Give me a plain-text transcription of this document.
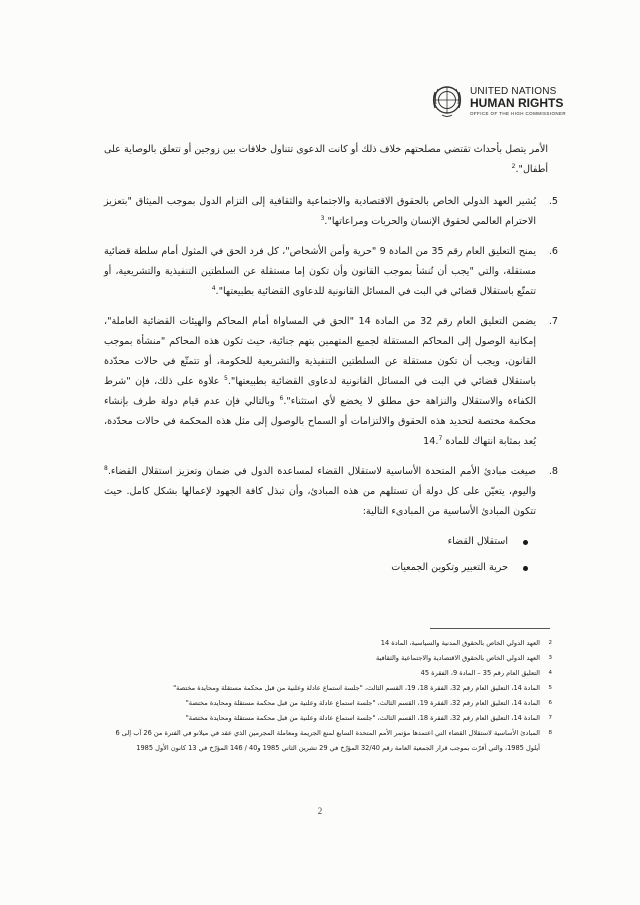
UNITED NATIONS
HUMAN RIGHTS
OFFICE OF THE HIGH COMMISSIONER

الأمر يتصل بأحداث تقتضي مصلحتهم خلاف ذلك أو كانت الدعوى تتناول خلافات بين زوجين أو تتعلق بالوصاية على أطفال".$^2$

5.
يُشير العهد الدولي الخاص بالحقوق الاقتصادية والاجتماعية والثقافية إلى التزام الدول بموجب الميثاق "بتعزيز الاحترام العالمي لحقوق الإنسان والحريات ومراعاتها".$^3$

6.
يمنح التعليق العام رقم 35 من المادة 9 "حرية وأمن الأشخاص"، كل فرد الحق في المثول أمام سلطة قضائية مستقلة، والتي "يجب أن تُنشأ بموجب القانون وأن تكون إما مستقلة عن السلطتين التنفيذية والتشريعية، أو تتمتّع باستقلال قضائي في البت في المسائل القانونية للدعاوى القضائية بطبيعتها".$^4$

7.
يضمن التعليق العام رقم 32 من المادة 14 "الحق في المساواة أمام المحاكم والهيئات القضائية العاملة"، إمكانية الوصول إلى المحاكم المستقلة لجميع المتهمين بتهم جنائية، حيث تكون هذه المحاكم "منشأة بموجب القانون، ويجب أن تكون مستقلة عن السلطتين التنفيذية والتشريعية للحكومة، أو تتمتّع في حالات محدّدة باستقلال قضائي في البت في المسائل القانونية لدعاوى القضائية بطبيعتها".$^5$ علاوة على ذلك، فإن "شرط الكفاءة والاستقلال والنزاهة حق مطلق لا يخضع لأي استثناء".$^6$ وبالتالي فإن عدم قيام دولة طرف بإنشاء محكمة مختصة لتحديد هذه الحقوق والالتزامات أو السماح بالوصول إلى مثل هذه المحكمة في حالات محدّدة، يُعد بمثابة انتهاك للمادة 14.$^7$

8.
صيغت مبادئ الأمم المتحدة الأساسية لاستقلال القضاء لمساعدة الدول في ضمان وتعزيز استقلال القضاء.$^8$ واليوم، يتعيّن على كل دولة أن تستلهم من هذه المبادئ، وأن تبذل كافة الجهود لإعمالها بشكل كامل. حيث تتكون المبادئ الأساسية من المبادىء التالية:

استقلال القضاء
حرية التعبير وتكوين الجمعيات
2
العهد الدولي الخاص بالحقوق المدنية والسياسية، المادة 14
3
العهد الدولي الخاص بالحقوق الاقتصادية والاجتماعية والثقافية
4
التعليق العام رقم 35 – المادة 9، الفقرة 45
5
المادة 14، التعليق العام رقم 32، الفقرة 18، 19، القسم الثالث، "جلسة استماع عادلة وعلنية من قبل محكمة مستقلة ومحايدة مختصة"
6
المادة 14، التعليق العام رقم 32، الفقرة 19، القسم الثالث، "جلسة استماع عادلة وعلنية من قبل محكمة مستقلة ومحايدة مختصة"
7
المادة 14، التعليق العام رقم 32، الفقرة 18، القسم الثالث، "جلسة استماع عادلة وعلنية من قبل محكمة مستقلة ومحايدة مختصة"
8
المبادئ الأساسية لاستقلال القضاء التي اعتمدها مؤتمر الأمم المتحدة السابع لمنع الجريمة ومعاملة المجرمين الذي عقد في ميلانو في الفترة من 26 آب إلى 6 أيلول 1985، والتي أقرّت بموجب قرار الجمعية العامة رقم 32/40 المؤرّخ في 29 تشرين الثاني 1985 و40 / 146 المؤرّخ في 13 كانون الأول 1985
2
